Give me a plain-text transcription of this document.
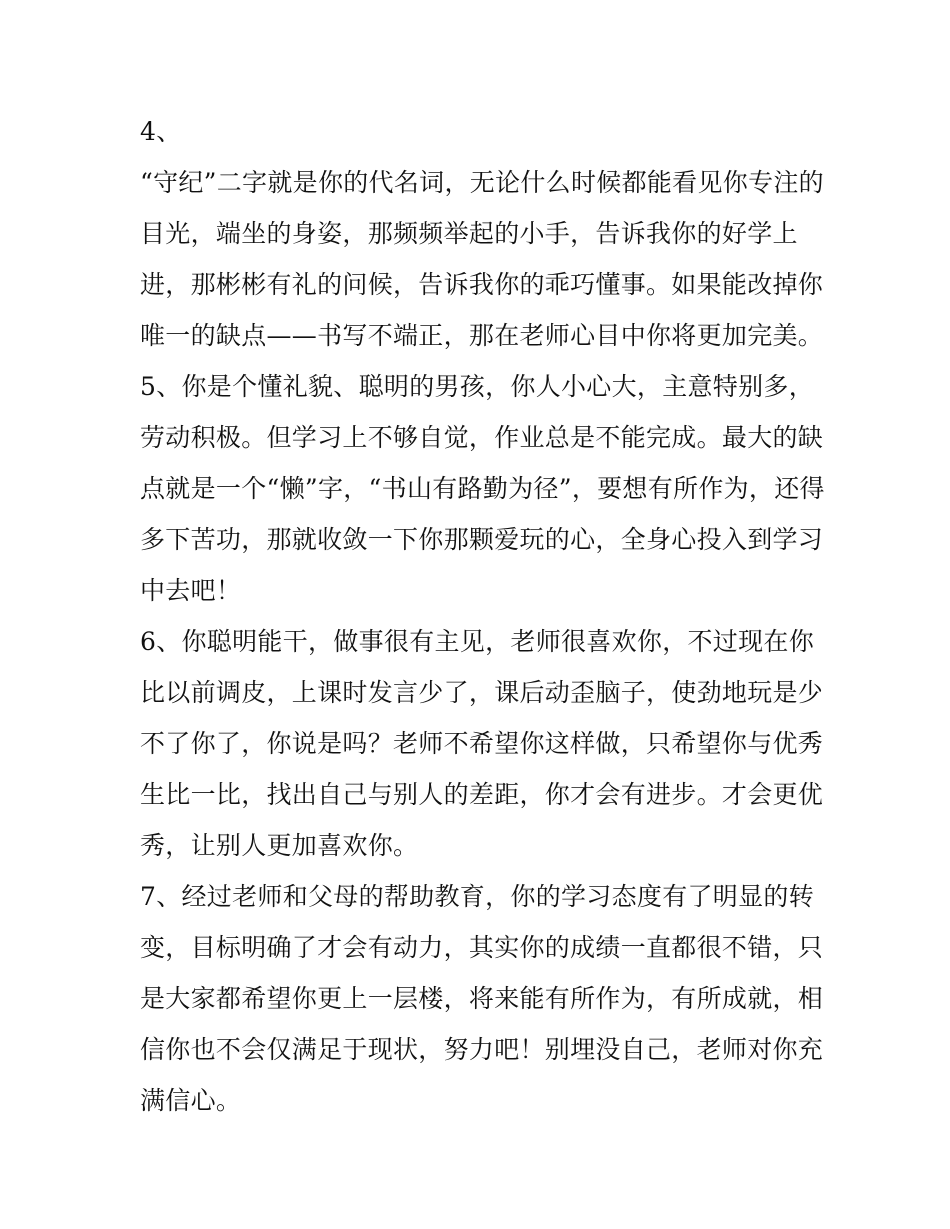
4、
“守纪”二字就是你的代名词，无论什么时候都能看见你专注的
目光，端坐的身姿，那频频举起的小手，告诉我你的好学上
进，那彬彬有礼的问候，告诉我你的乖巧懂事。如果能改掉你
唯一的缺点——书写不端正，那在老师心目中你将更加完美。
5、你是个懂礼貌、聪明的男孩，你人小心大，主意特别多，
劳动积极。但学习上不够自觉，作业总是不能完成。最大的缺
点就是一个“懒”字，“书山有路勤为径”，要想有所作为，还得
多下苦功，那就收敛一下你那颗爱玩的心，全身心投入到学习
中去吧！
6、你聪明能干，做事很有主见，老师很喜欢你，不过现在你
比以前调皮，上课时发言少了，课后动歪脑子，使劲地玩是少
不了你了，你说是吗？老师不希望你这样做，只希望你与优秀
生比一比，找出自己与别人的差距，你才会有进步。才会更优
秀，让别人更加喜欢你。
7、经过老师和父母的帮助教育，你的学习态度有了明显的转
变，目标明确了才会有动力，其实你的成绩一直都很不错，只
是大家都希望你更上一层楼，将来能有所作为，有所成就，相
信你也不会仅满足于现状，努力吧！别埋没自己，老师对你充
满信心。
